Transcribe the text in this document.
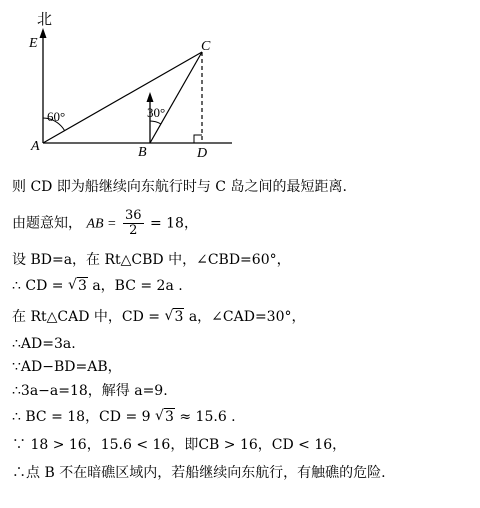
北
E	C
A	B	D
60°	30°
则 CD 即为船继续向东航行时与 C 岛之间的最短距离.
由题意知， AB = $\frac{36}{2} = 18$，
设 BD=a，在 Rt△CBD 中，∠CBD=60°，
∴ CD = √ 3 a，BC = 2a .
在 Rt△CAD 中，CD = √ 3 a，∠CAD=30°，
∴AD=3a.
∵AD−BD=AB，
∴3a−a=18，解得 a=9.
∴ BC = 18，CD = 9 √ 3 ≈ 15.6 .
∵ 18 > 16，15.6 < 16，即CB > 16，CD < 16，
∴点 B 不在暗礁区域内，若船继续向东航行，有触礁的危险.
